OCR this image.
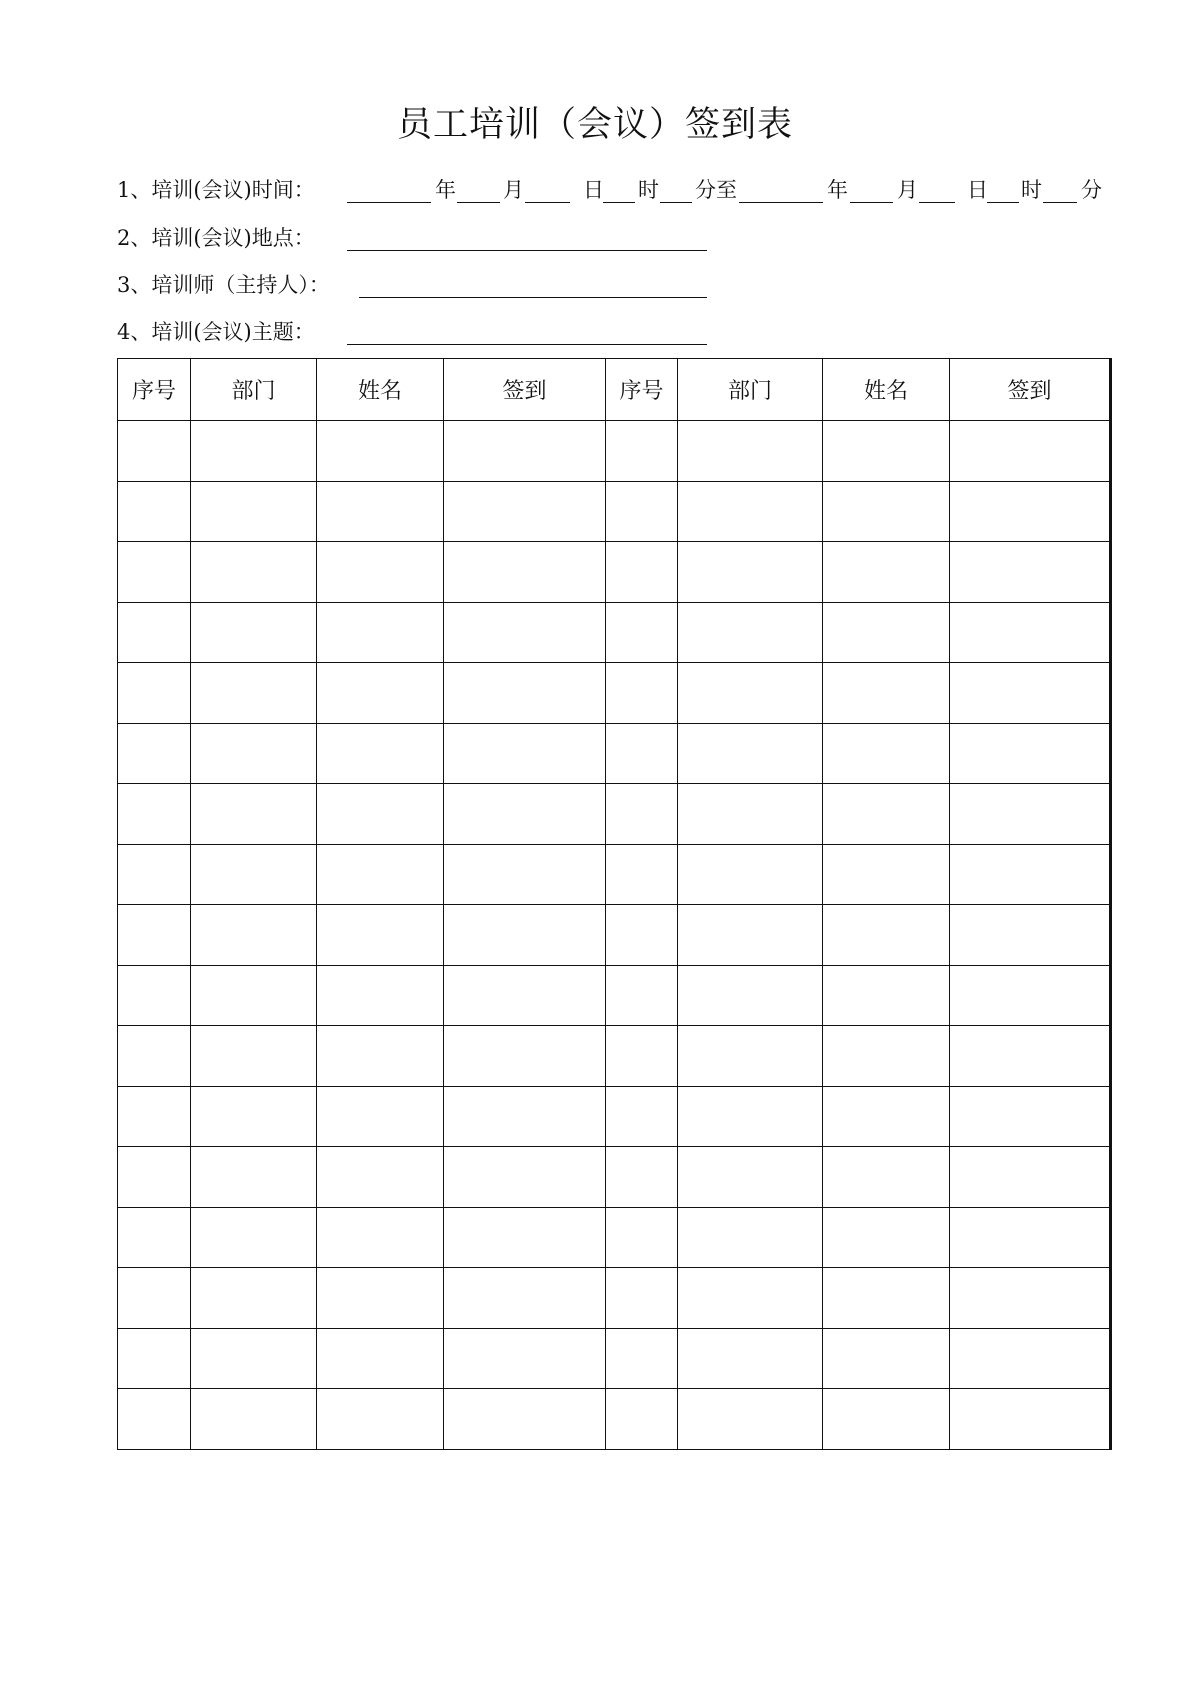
员工培训（会议）签到表
1、培训(会议)时间：	年 月	日 时 分至	年 月 日 时 分
2、培训(会议)地点：
3、培训师（主持人）：
4、培训(会议)主题：
序号	部门	姓名	签到	序号	部门	姓名	签到
